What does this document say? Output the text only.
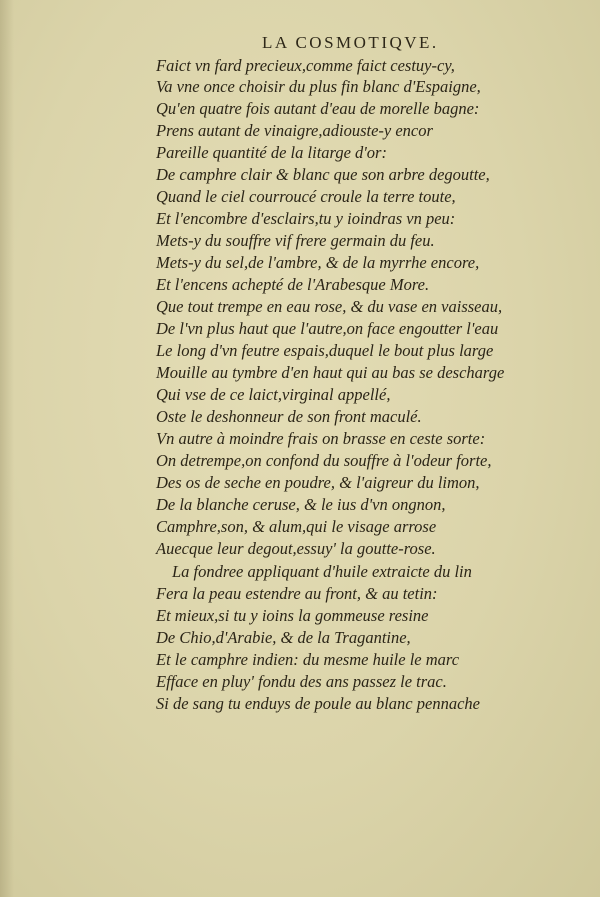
LA COSMOTIQVE.
Faict vn fard precieux,comme faict cestuy-cy,
Va vne once choisir du plus fin blanc d'Espaigne,
Qu'en quatre fois autant d'eau de morelle bagne:
Prens autant de vinaigre,adiouste-y encor
Pareille quantité de la litarge d'or:
De camphre clair & blanc que son arbre degoutte,
Quand le ciel courroucé croule la terre toute,
Et l'encombre d'esclairs,tu y ioindras vn peu:
Mets-y du souffre vif frere germain du feu.
Mets-y du sel,de l'ambre, & de la myrrhe encore,
Et l'encens achepté de l'Arabesque More.
Que tout trempe en eau rose, & du vase en vaisseau,
De l'vn plus haut que l'autre,on face engoutter l'eau
Le long d'vn feutre espais,duquel le bout plus large
Mouille au tymbre d'en haut qui au bas se descharge
Qui vse de ce laict,virginal appellé,
Oste le deshonneur de son front maculé.
Vn autre à moindre frais on brasse en ceste sorte:
On detrempe,on confond du souffre à l'odeur forte,
Des os de seche en poudre, & l'aigreur du limon,
De la blanche ceruse, & le ius d'vn ongnon,
Camphre,son, & alum,qui le visage arrose
Auecque leur degout,essuy' la goutte-rose.
La fondree appliquant d'huile extraicte du lin
Fera la peau estendre au front, & au tetin:
Et mieux,si tu y ioins la gommeuse resine
De Chio,d'Arabie, & de la Tragantine,
Et le camphre indien: du mesme huile le marc
Efface en pluy' fondu des ans passez le trac.
Si de sang tu enduys de poule au blanc pennache
